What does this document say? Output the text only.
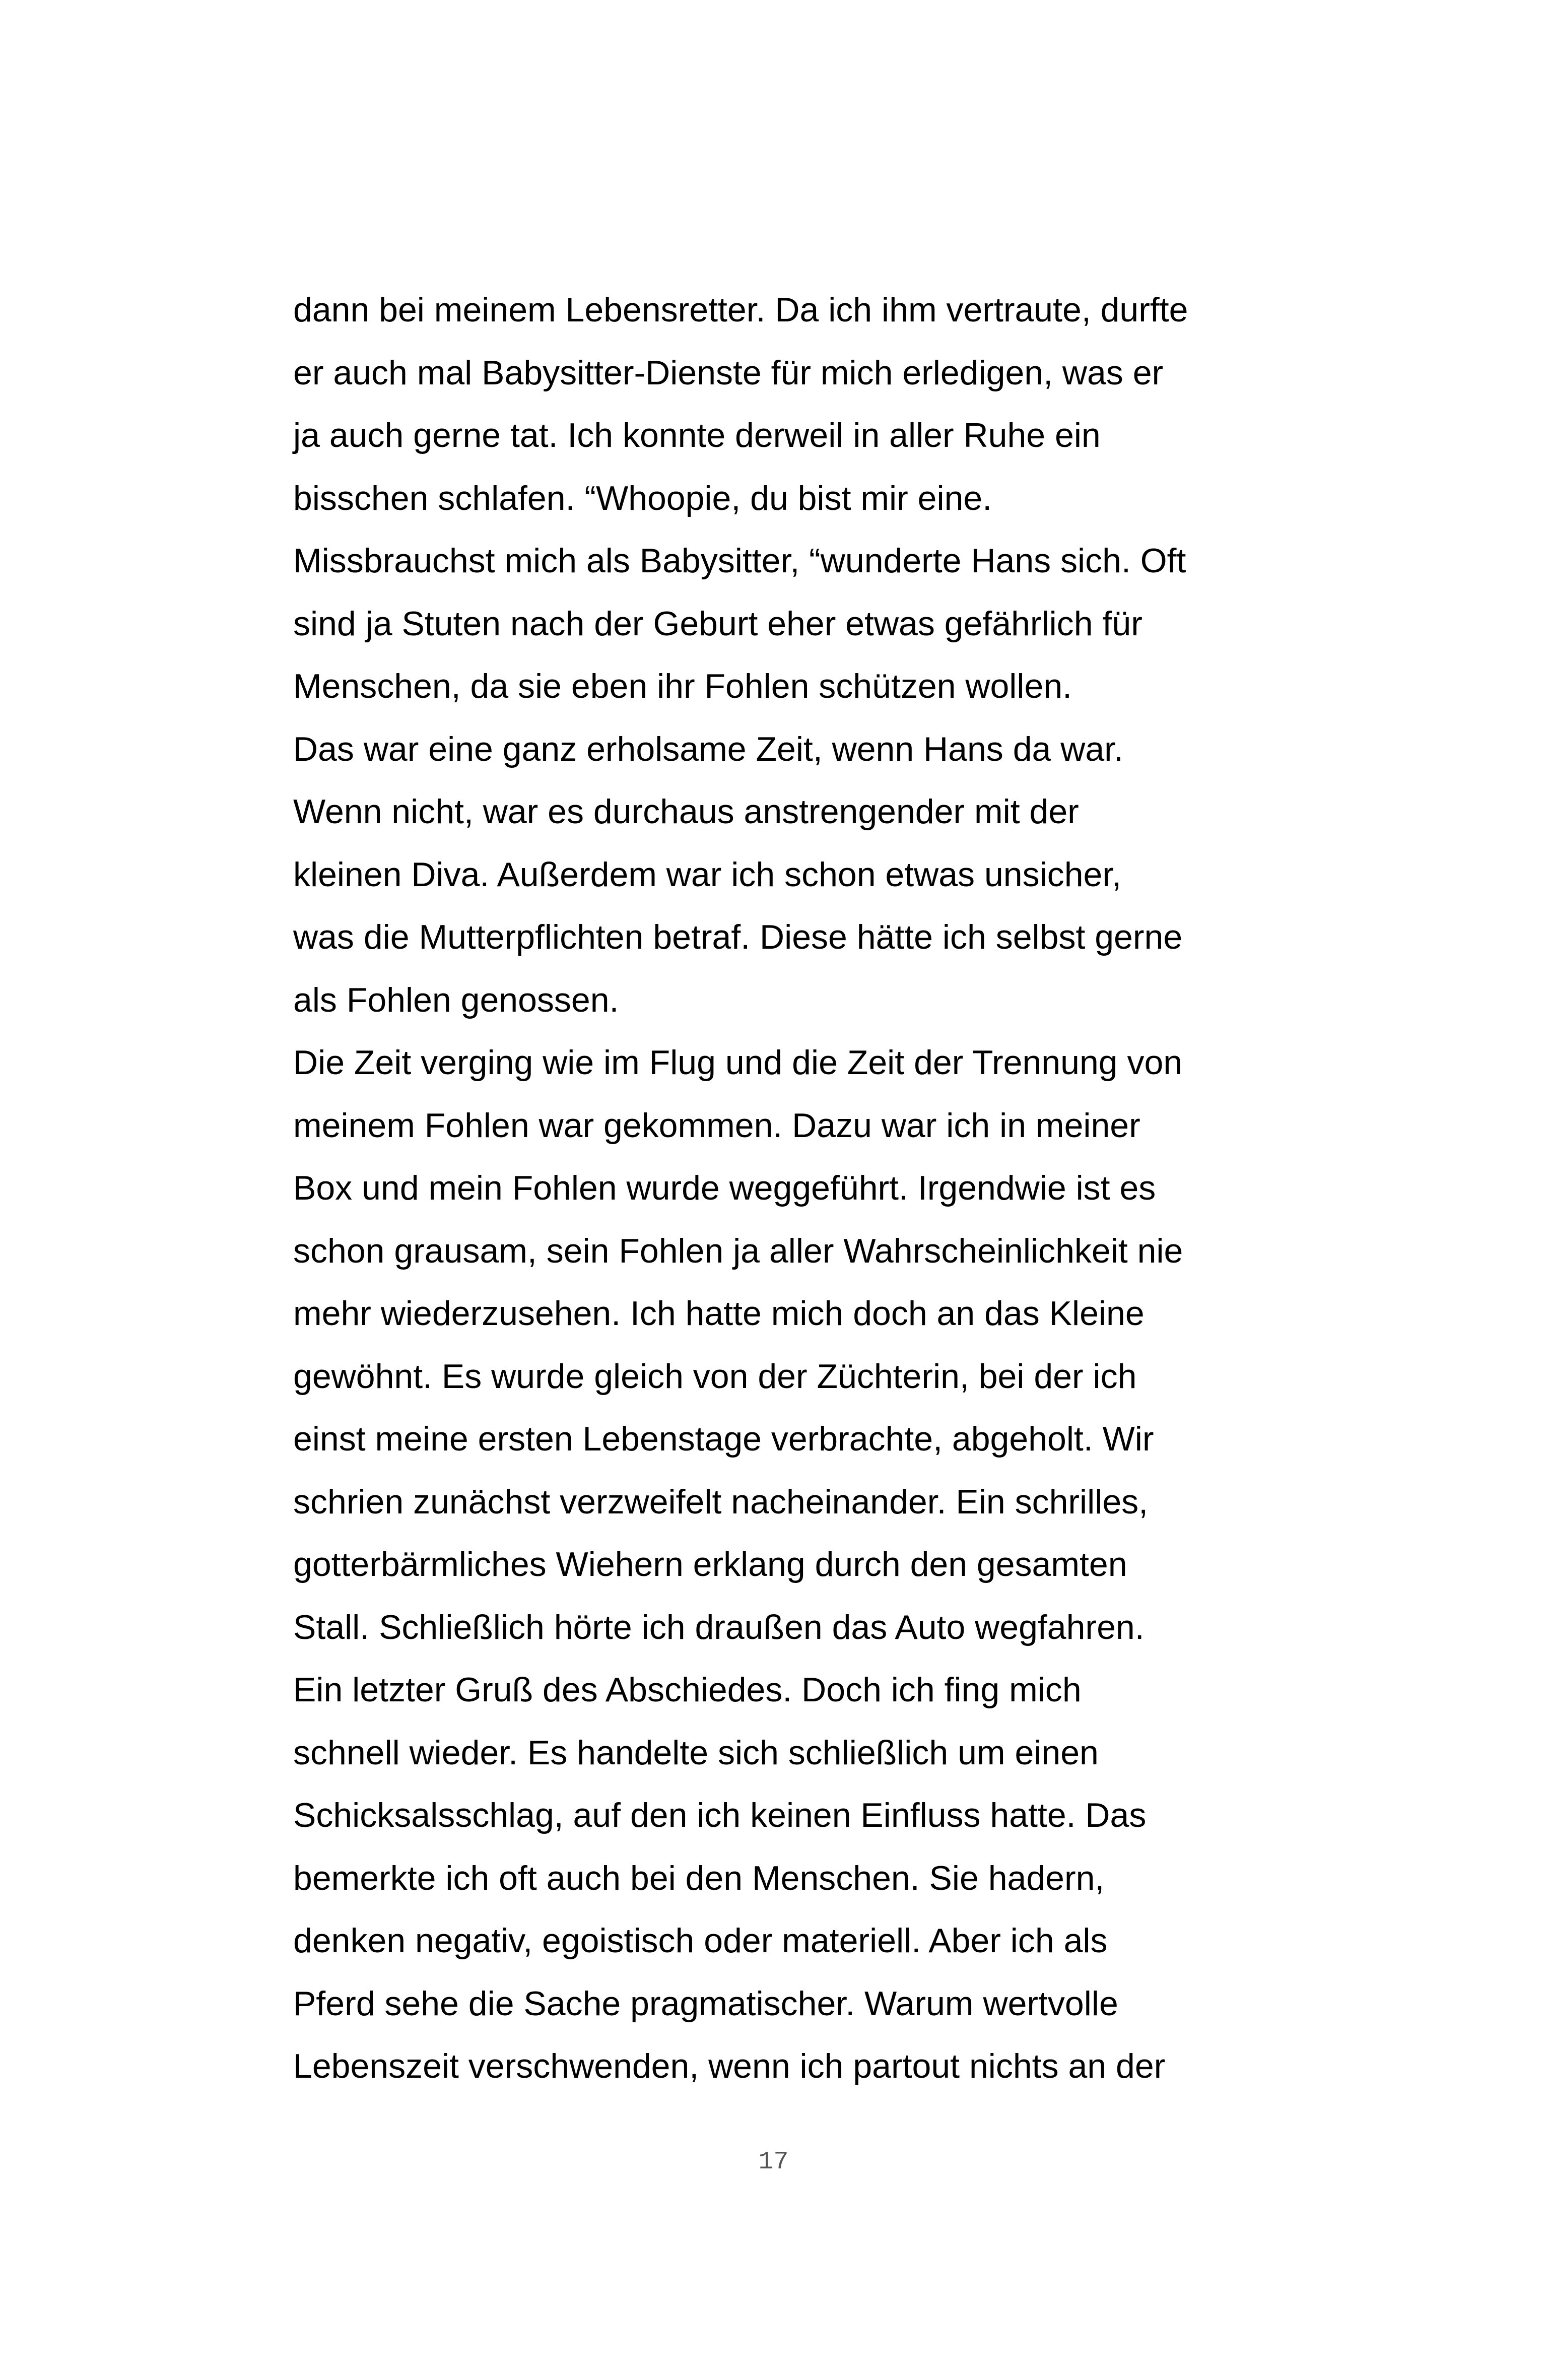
dann bei meinem Lebensretter. Da ich ihm vertraute, durfte
er auch mal Babysitter-Dienste für mich erledigen, was er
ja auch gerne tat. Ich konnte derweil in aller Ruhe ein
bisschen schlafen. “Whoopie, du bist mir eine.
Missbrauchst mich als Babysitter, “wunderte Hans sich. Oft
sind ja Stuten nach der Geburt eher etwas gefährlich für
Menschen, da sie eben ihr Fohlen schützen wollen.
Das war eine ganz erholsame Zeit, wenn Hans da war.
Wenn nicht, war es durchaus anstrengender mit der
kleinen Diva. Außerdem war ich schon etwas unsicher,
was die Mutterpflichten betraf. Diese hätte ich selbst gerne
als Fohlen genossen.
Die Zeit verging wie im Flug und die Zeit der Trennung von
meinem Fohlen war gekommen. Dazu war ich in meiner
Box und mein Fohlen wurde weggeführt. Irgendwie ist es
schon grausam, sein Fohlen ja aller Wahrscheinlichkeit nie
mehr wiederzusehen. Ich hatte mich doch an das Kleine
gewöhnt. Es wurde gleich von der Züchterin, bei der ich
einst meine ersten Lebenstage verbrachte, abgeholt. Wir
schrien zunächst verzweifelt nacheinander. Ein schrilles,
gotterbärmliches Wiehern erklang durch den gesamten
Stall. Schließlich hörte ich draußen das Auto wegfahren.
Ein letzter Gruß des Abschiedes. Doch ich fing mich
schnell wieder. Es handelte sich schließlich um einen
Schicksalsschlag, auf den ich keinen Einfluss hatte. Das
bemerkte ich oft auch bei den Menschen. Sie hadern,
denken negativ, egoistisch oder materiell. Aber ich als
Pferd sehe die Sache pragmatischer. Warum wertvolle
Lebenszeit verschwenden, wenn ich partout nichts an der
17
